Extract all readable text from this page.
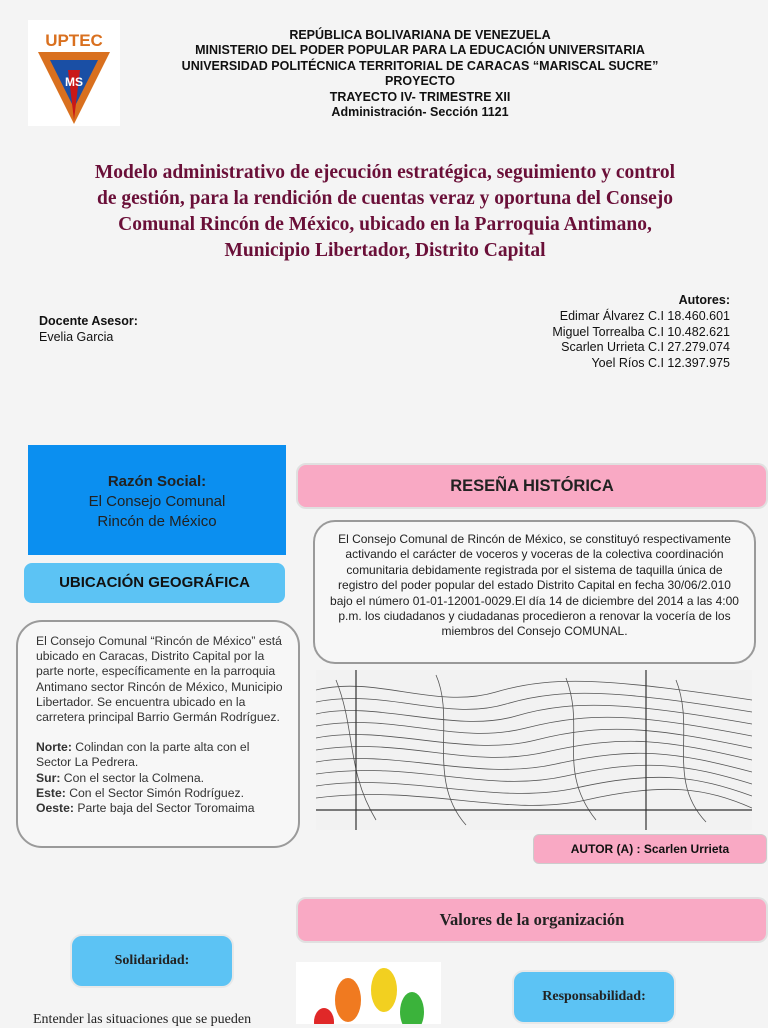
MS
UPTEC	REPÚBLICA BOLIVARIANA DE VENEZUELA
MINISTERIO DEL PODER POPULAR PARA LA EDUCACIÓN UNIVERSITARIA
UNIVERSIDAD POLITÉCNICA TERRITORIAL DE CARACAS “MARISCAL SUCRE”
PROYECTO
TRAYECTO IV- TRIMESTRE XII
Administración- Sección 1121
Modelo administrativo de ejecución estratégica, seguimiento y control de gestión, para la rendición de cuentas veraz y oportuna del Consejo Comunal Rincón de México, ubicado en la Parroquia Antimano, Municipio Libertador, Distrito Capital
Docente Asesor:
Evelia Garcia
Autores:
Edimar Álvarez C.I 18.460.601
Miguel Torrealba C.I 10.482.621
Scarlen Urrieta C.I 27.279.074
Yoel Ríos C.I 12.397.975
Razón Social:
El Consejo Comunal
Rincón de México
UBICACIÓN GEOGRÁFICA
El Consejo Comunal “Rincón de México” está ubicado en Caracas, Distrito Capital por la parte norte, específicamente en la parroquia Antimano sector Rincón de México, Municipio Libertador. Se encuentra ubicado en la carretera principal Barrio Germán Rodríguez.
Norte: Colindan con la parte alta con el Sector La Pedrera.
Sur: Con el sector la Colmena.
Este: Con el Sector Simón Rodríguez.
Oeste: Parte baja del Sector Toromaima
RESEÑA HISTÓRICA
El Consejo Comunal de Rincón de México, se constituyó respectivamente activando el carácter de voceros y voceras de la colectiva coordinación comunitaria debidamente registrada por el sistema de taquilla única de registro del poder popular del estado Distrito Capital en fecha 30/06/2.010 bajo el número 01-01-12001-0029.El día 14 de diciembre del 2014 a las 4:00 p.m. los ciudadanos y ciudadanas procedieron a renovar la vocería de los miembros del Consejo COMUNAL.
AUTOR (A) : Scarlen Urrieta
Valores de la organización
Solidaridad:
Responsabilidad:
Entender las situaciones que se pueden
